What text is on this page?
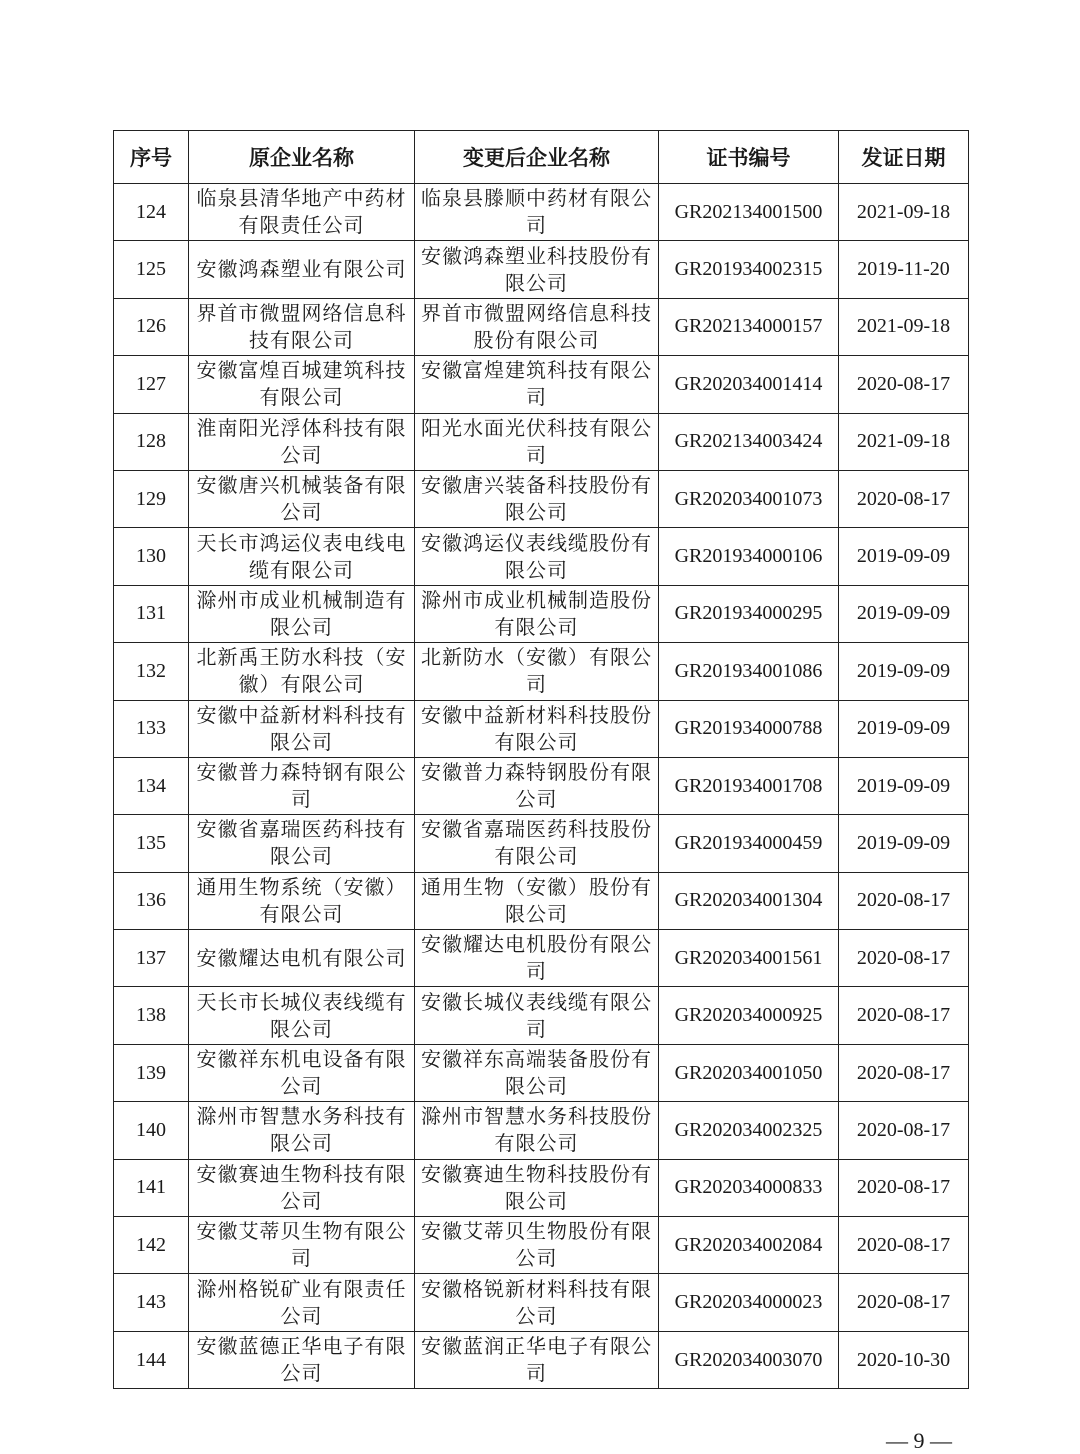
序号	原企业名称	变更后企业名称	证书编号	发证日期
124	临泉县清华地产中药材有限责任公司	临泉县滕顺中药材有限公司	GR202134001500	2021-09-18
125	安徽鸿森塑业有限公司	安徽鸿森塑业科技股份有限公司	GR201934002315	2019-11-20
126	界首市微盟网络信息科技有限公司	界首市微盟网络信息科技股份有限公司	GR202134000157	2021-09-18
127	安徽富煌百城建筑科技有限公司	安徽富煌建筑科技有限公司	GR202034001414	2020-08-17
128	淮南阳光浮体科技有限公司	阳光水面光伏科技有限公司	GR202134003424	2021-09-18
129	安徽唐兴机械装备有限公司	安徽唐兴装备科技股份有限公司	GR202034001073	2020-08-17
130	天长市鸿运仪表电线电缆有限公司	安徽鸿运仪表线缆股份有限公司	GR201934000106	2019-09-09
131	滁州市成业机械制造有限公司	滁州市成业机械制造股份有限公司	GR201934000295	2019-09-09
132	北新禹王防水科技（安徽）有限公司	北新防水（安徽）有限公司	GR201934001086	2019-09-09
133	安徽中益新材料科技有限公司	安徽中益新材料科技股份有限公司	GR201934000788	2019-09-09
134	安徽普力森特钢有限公司	安徽普力森特钢股份有限公司	GR201934001708	2019-09-09
135	安徽省嘉瑞医药科技有限公司	安徽省嘉瑞医药科技股份有限公司	GR201934000459	2019-09-09
136	通用生物系统（安徽）有限公司	通用生物（安徽）股份有限公司	GR202034001304	2020-08-17
137	安徽耀达电机有限公司	安徽耀达电机股份有限公司	GR202034001561	2020-08-17
138	天长市长城仪表线缆有限公司	安徽长城仪表线缆有限公司	GR202034000925	2020-08-17
139	安徽祥东机电设备有限公司	安徽祥东高端装备股份有限公司	GR202034001050	2020-08-17
140	滁州市智慧水务科技有限公司	滁州市智慧水务科技股份有限公司	GR202034002325	2020-08-17
141	安徽赛迪生物科技有限公司	安徽赛迪生物科技股份有限公司	GR202034000833	2020-08-17
142	安徽艾蒂贝生物有限公司	安徽艾蒂贝生物股份有限公司	GR202034002084	2020-08-17
143	滁州格锐矿业有限责任公司	安徽格锐新材料科技有限公司	GR202034000023	2020-08-17
144	安徽蓝德正华电子有限公司	安徽蓝润正华电子有限公司	GR202034003070	2020-10-30
— 9 —
